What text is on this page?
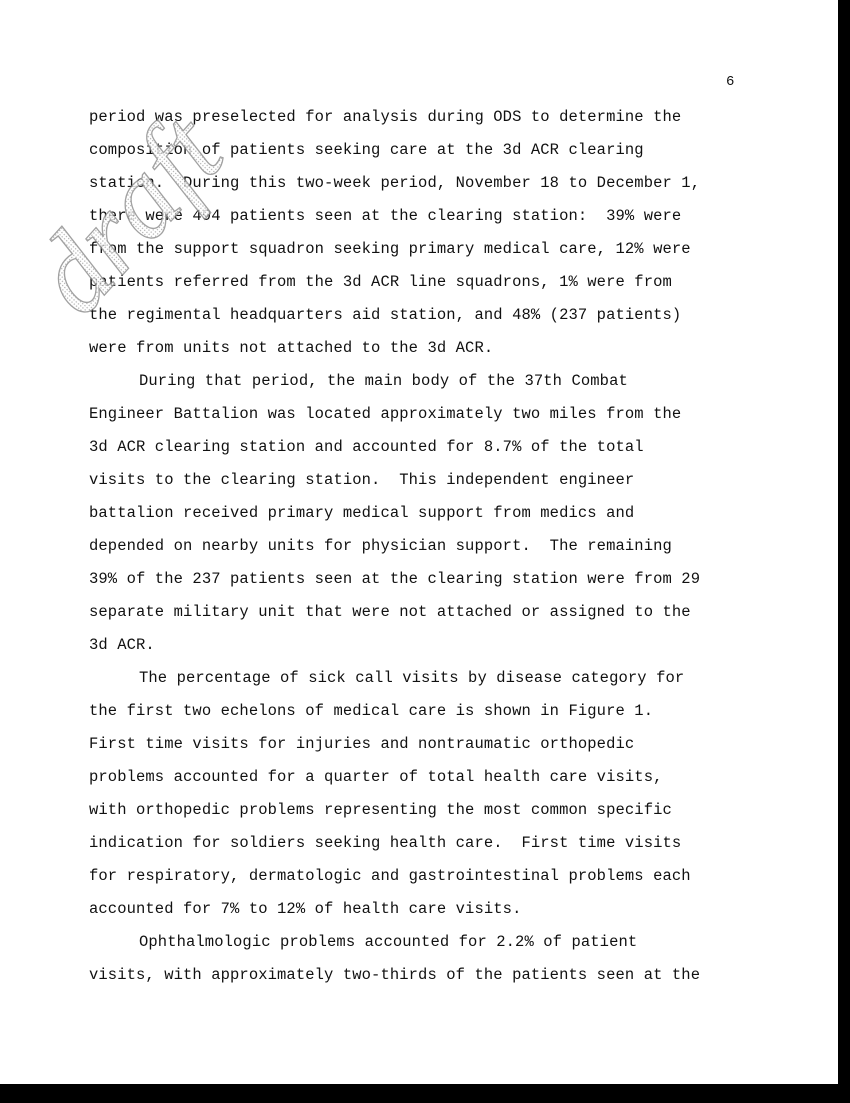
6

period was preselected for analysis during ODS to determine the

composition of patients seeking care at the 3d ACR clearing

station.  During this two-week period, November 18 to December 1,

there were 494 patients seen at the clearing station:  39% were

from the support squadron seeking primary medical care, 12% were

patients referred from the 3d ACR line squadrons, 1% were from

the regimental headquarters aid station, and 48% (237 patients)

were from units not attached to the 3d ACR.

During that period, the main body of the 37th Combat

Engineer Battalion was located approximately two miles from the

3d ACR clearing station and accounted for 8.7% of the total

visits to the clearing station.  This independent engineer

battalion received primary medical support from medics and

depended on nearby units for physician support.  The remaining

39% of the 237 patients seen at the clearing station were from 29

separate military unit that were not attached or assigned to the

3d ACR.

The percentage of sick call visits by disease category for

the first two echelons of medical care is shown in Figure 1.

First time visits for injuries and nontraumatic orthopedic

problems accounted for a quarter of total health care visits,

with orthopedic problems representing the most common specific

indication for soldiers seeking health care.  First time visits

for respiratory, dermatologic and gastrointestinal problems each

accounted for 7% to 12% of health care visits.

Ophthalmologic problems accounted for 2.2% of patient

visits, with approximately two-thirds of the patients seen at the

draft
